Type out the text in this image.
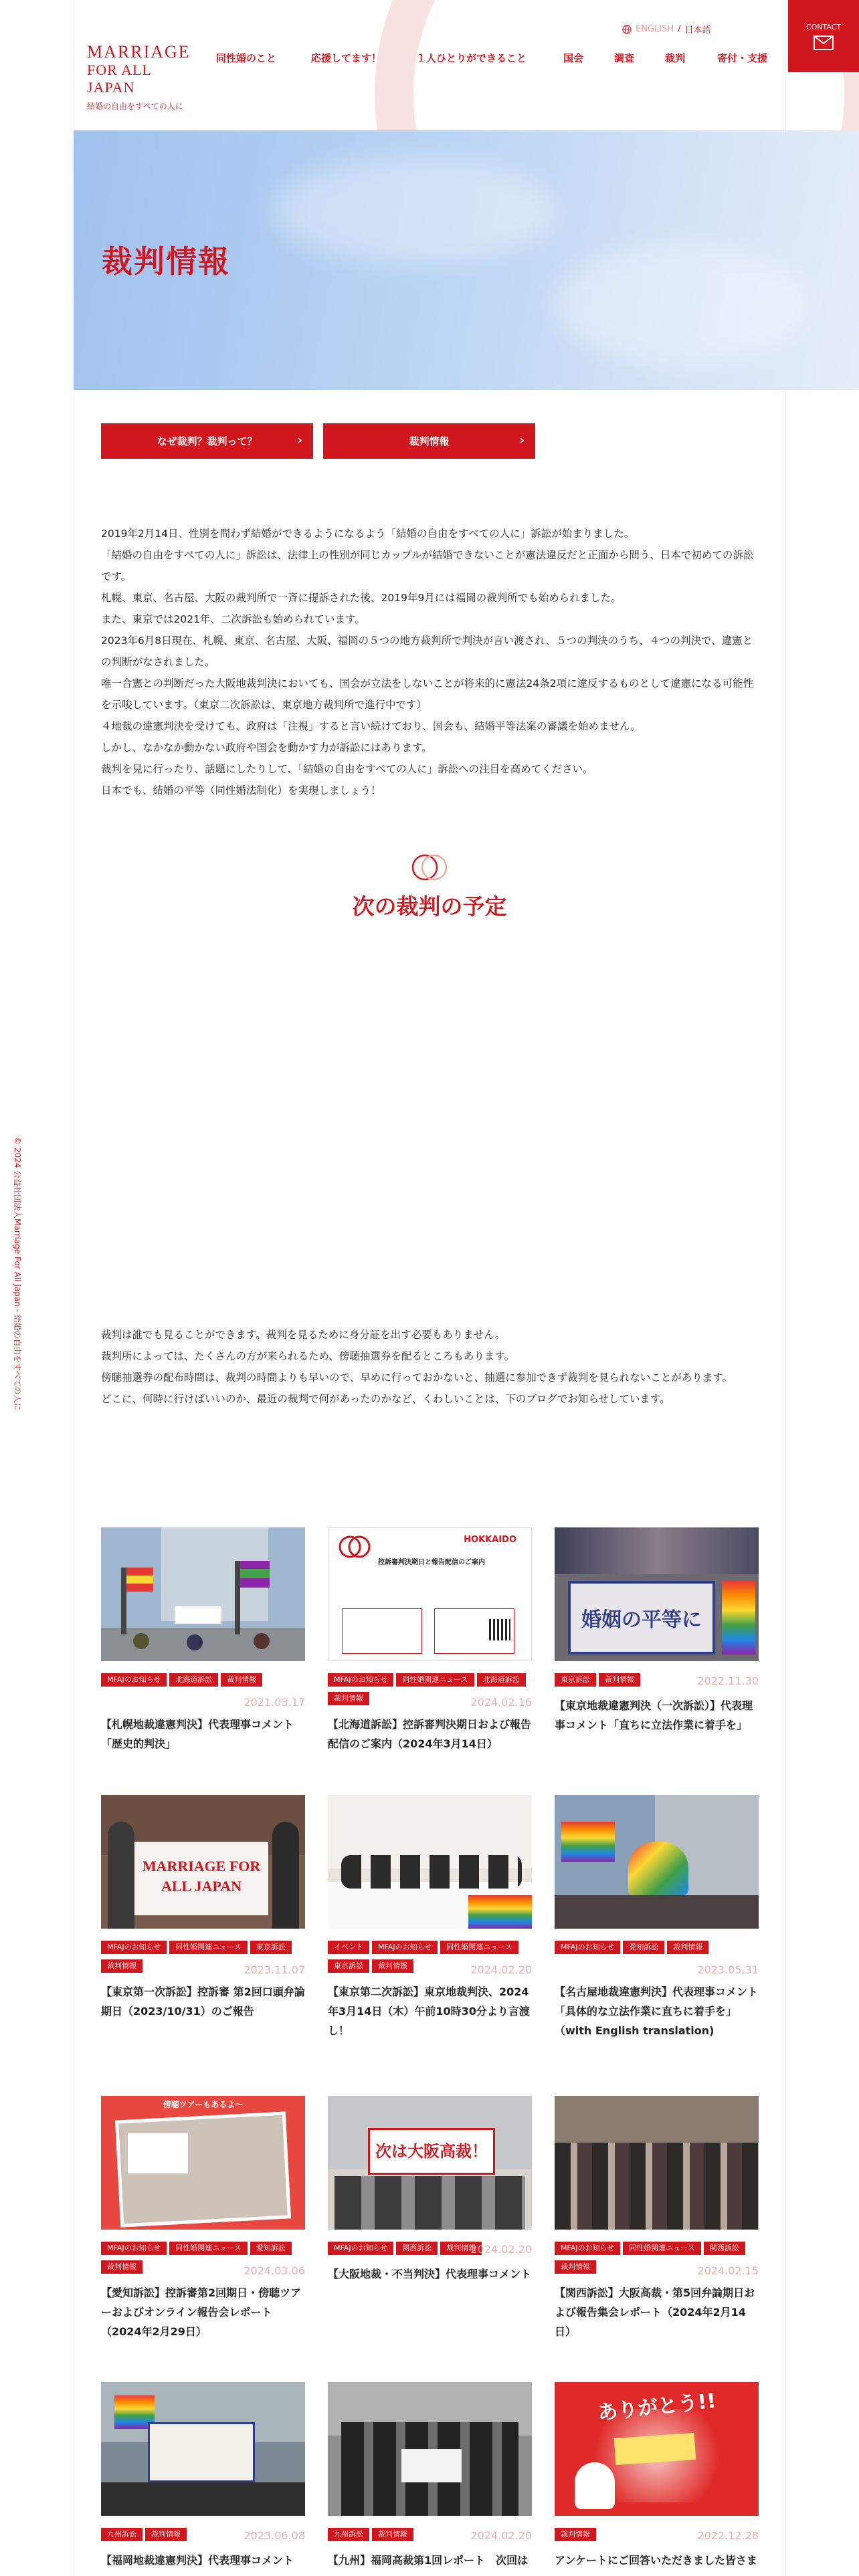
MARRIAGE
FOR ALL JAPAN
結婚の自由をすべての人に
同性婚のこと	応援してます！	１人ひとりができること	国会	調査	裁判	寄付・支援
ENGLISH / 日本語	CONTACT
裁判情報
なぜ裁判？裁判って？	›	裁判情報	›

2019年2月14日、性別を問わず結婚ができるようになるよう「結婚の自由をすべての人に」訴訟が始まりました。

「結婚の自由をすべての人に」訴訟は、法律上の性別が同じカップルが結婚できないことが憲法違反だと正面から問う、日本で初めての訴訟です。

札幌、東京、名古屋、大阪の裁判所で一斉に提訴された後、2019年9月には福岡の裁判所でも始められました。

また、東京では2021年、二次訴訟も始められています。

2023年6月8日現在、札幌、東京、名古屋、大阪、福岡の５つの地方裁判所で判決が言い渡され、５つの判決のうち、４つの判決で、違憲との判断がなされました。

唯一合憲との判断だった大阪地裁判決においても、国会が立法をしないことが将来的に憲法24条2項に違反するものとして違憲になる可能性を示唆しています。（東京二次訴訟は、東京地方裁判所で進行中です）

４地裁の違憲判決を受けても、政府は「注視」すると言い続けており、国会も、結婚平等法案の審議を始めません。

しかし、なかなか動かない政府や国会を動かす力が訴訟にはあります。

裁判を見に行ったり、話題にしたりして、「結婚の自由をすべての人に」訴訟への注目を高めてください。

日本でも、結婚の平等（同性婚法制化）を実現しましょう！

次の裁判の予定

裁判は誰でも見ることができます。裁判を見るために身分証を出す必要もありません。

裁判所によっては、たくさんの方が来られるため、傍聴抽選券を配るところもあります。

傍聴抽選券の配布時間は、裁判の時間よりも早いので、早めに行っておかないと、抽選に参加できず裁判を見られないことがあります。

どこに、何時に行けばいいのか、最近の裁判で何があったのかなど、くわしいことは、下のブログでお知らせしています。

© 2024 公益社団法人Marriage For All Japan - 結婚の自由をすべての人に
MFAJのお知らせ 北海道訴訟 裁判情報
2021.03.17
【札幌地裁違憲判決】代表理事コメント「歴史的判決」
HOKKAIDO
控訴審判決期日と報告配信のご案内
MFAJのお知らせ 同性婚関連ニュース 北海道訴訟裁判情報	2024.02.16
【北海道訴訟】控訴審判決期日および報告配信のご案内（2024年3月14日）
婚姻の平等に
東京訴訟 裁判情報	2022.11.30
【東京地裁違憲判決（一次訴訟）】代表理事コメント「直ちに立法作業に着手を」
MARRIAGE FOR ALL JAPAN
MFAJのお知らせ 同性婚関連ニュース 東京訴訟裁判情報	2023.11.07
【東京第一次訴訟】控訴審 第2回口頭弁論期日（2023/10/31）のご報告
イベント MFAJのお知らせ 同性婚関連ニュース東京訴訟 裁判情報	2024.02.20
【東京第二次訴訟】東京地裁判決、2024年3月14日（木）午前10時30分より言渡し！
MFAJのお知らせ 愛知訴訟 裁判情報
2023.05.31
【名古屋地裁違憲判決】代表理事コメント「具体的な立法作業に直ちに着手を」（with English translation)
傍聴ツアーもあるよ～
MFAJのお知らせ 同性婚関連ニュース 愛知訴訟裁判情報	2024.03.06
【愛知訴訟】控訴審第2回期日・傍聴ツアーおよびオンライン報告会レポート（2024年2月29日）
次は大阪高裁！
MFAJのお知らせ 関西訴訟 裁判情報
2024.02.20
【大阪地裁・不当判決】代表理事コメント
MFAJのお知らせ 同性婚関連ニュース 関西訴訟裁判情報	2024.02.15
【関西訴訟】大阪高裁・第5回弁論期日および報告集会レポート（2024年2月14日）
九州訴訟 裁判情報	2023.06.08
【福岡地裁違憲判決】代表理事コメント
九州訴訟 裁判情報	2024.02.20
【九州】福岡高裁第1回レポート　次回は
ありがとう!!
裁判情報	2022.12.28
アンケートにご回答いただきました皆さま
